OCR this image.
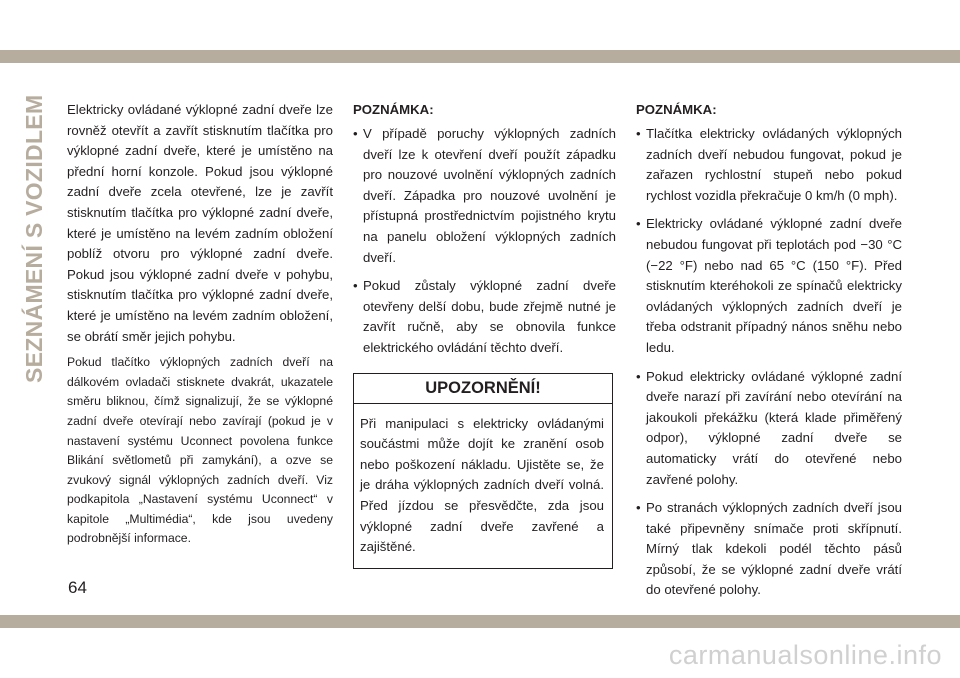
SEZNÁMENÍ S VOZIDLEM Elektricky ovládané výklopné zadní dveře lze rovněž otevřít a zavřít stisknutím tlačítka pro výklopné zadní dveře, které je umístěno na přední horní konzole. Pokud jsou výklopné zadní dveře zcela otevřené, lze je zavřít stisknutím tlačítka pro výklopné zadní dveře, které je umístěno na levém zadním obložení poblíž otvoru pro výklopné zadní dveře. Pokud jsou výklopné zadní dveře v pohybu, stisknutím tlačítka pro výklopné zadní dveře, které je umístěno na levém zadním obložení, se obrátí směr jejich pohybu.

Pokud tlačítko výklopných zadních dveří na dálkovém ovladači stisknete dvakrát, ukazatele směru bliknou, čímž signalizují, že se výklopné zadní dveře otevírají nebo zavírají (pokud je v nastavení systému Uconnect povolena funkce Blikání světlometů při zamykání), a ozve se zvukový signál výklopných zadních dveří. Viz podkapitola „Nastavení systému Uconnect“ v kapitole „Multimédia“, kde jsou uvedeny podrobnější informace.

POZNÁMKA:
• V případě poruchy výklopných zadních dveří lze k otevření dveří použít západku pro nouzové uvolnění výklopných zadních dveří. Západka pro nouzové uvolnění je přístupná prostřednictvím pojistného krytu na panelu obložení výklopných zadních dveří.
• Pokud zůstaly výklopné zadní dveře otevřeny delší dobu, bude zřejmě nutné je zavřít ručně, aby se obnovila funkce elektrického ovládání těchto dveří.
UPOZORNĚNÍ!
Při manipulaci s elektricky ovládanými součástmi může dojít ke zranění osob nebo poškození nákladu. Ujistěte se, že je dráha výklopných zadních dveří volná. Před jízdou se přesvědčte, zda jsou výklopné zadní dveře zavřené a zajištěné.
POZNÁMKA:
• Tlačítka elektricky ovládaných výklopných zadních dveří nebudou fungovat, pokud je zařazen rychlostní stupeň nebo pokud rychlost vozidla překračuje 0 km/h (0 mph).
• Elektricky ovládané výklopné zadní dveře nebudou fungovat při teplotách pod −30 °C (−22 °F) nebo nad 65 °C (150 °F). Před stisknutím kteréhokoli ze spínačů elektricky ovládaných výklopných zadních dveří je třeba odstranit případný nános sněhu nebo ledu.
• Pokud elektricky ovládané výklopné zadní dveře narazí při zavírání nebo otevírání na jakoukoli překážku (která klade přiměřený odpor), výklopné zadní dveře se automaticky vrátí do otevřené nebo zavřené polohy.
• Po stranách výklopných zadních dveří jsou také připevněny snímače proti skřípnutí. Mírný tlak kdekoli podél těchto pásů způsobí, že se výklopné zadní dveře vrátí do otevřené polohy.
64
carmanualsonline.info
